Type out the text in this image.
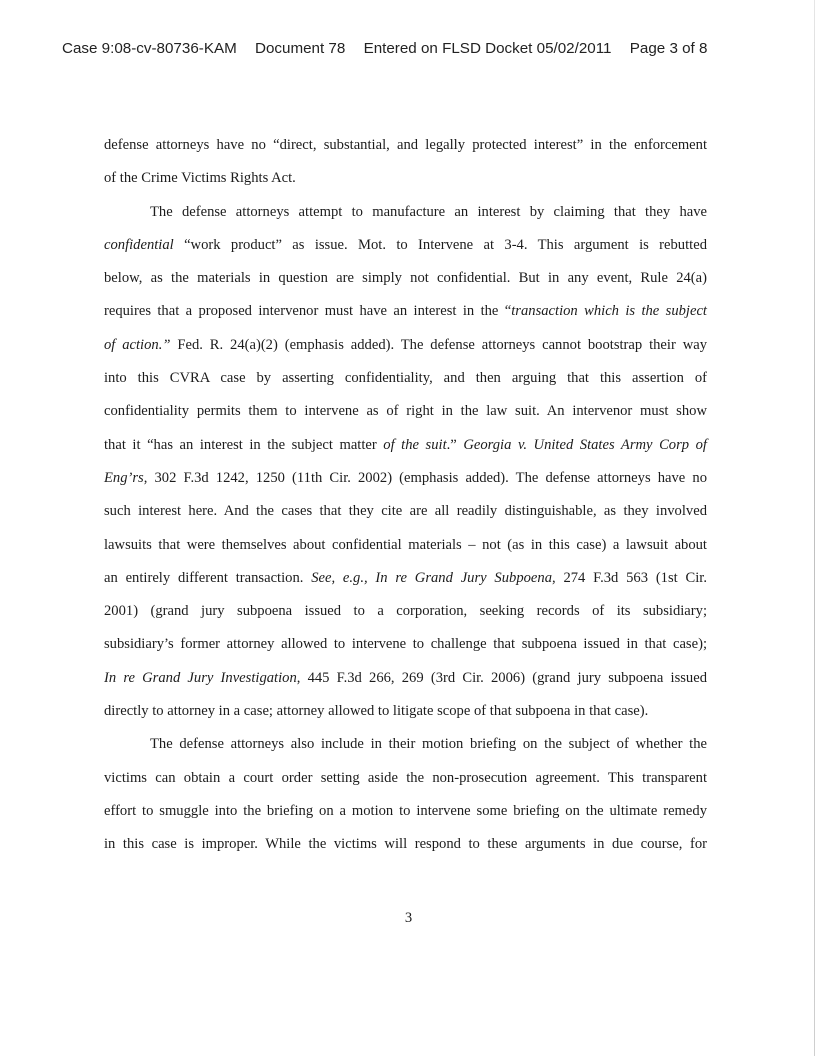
Case 9:08-cv-80736-KAM Document 78 Entered on FLSD Docket 05/02/2011 Page 3 of 8
defense attorneys have no “direct, substantial, and legally protected interest” in the enforcement
of the Crime Victims Rights Act.
The defense attorneys attempt to manufacture an interest by claiming that they have
confidential “work product” as issue. Mot. to Intervene at 3-4. This argument is rebutted
below, as the materials in question are simply not confidential. But in any event, Rule 24(a)
requires that a proposed intervenor must have an interest in the “transaction which is the subject
of action.” Fed. R. 24(a)(2) (emphasis added). The defense attorneys cannot bootstrap their way
into this CVRA case by asserting confidentiality, and then arguing that this assertion of
confidentiality permits them to intervene as of right in the law suit. An intervenor must show
that it “has an interest in the subject matter of the suit.” Georgia v. United States Army Corp of
Eng’rs, 302 F.3d 1242, 1250 (11th Cir. 2002) (emphasis added). The defense attorneys have no
such interest here. And the cases that they cite are all readily distinguishable, as they involved
lawsuits that were themselves about confidential materials – not (as in this case) a lawsuit about
an entirely different transaction. See, e.g., In re Grand Jury Subpoena, 274 F.3d 563 (1st Cir.
2001) (grand jury subpoena issued to a corporation, seeking records of its subsidiary;
subsidiary’s former attorney allowed to intervene to challenge that subpoena issued in that case);
In re Grand Jury Investigation, 445 F.3d 266, 269 (3rd Cir. 2006) (grand jury subpoena issued
directly to attorney in a case; attorney allowed to litigate scope of that subpoena in that case).
The defense attorneys also include in their motion briefing on the subject of whether the
victims can obtain a court order setting aside the non-prosecution agreement. This transparent
effort to smuggle into the briefing on a motion to intervene some briefing on the ultimate remedy
in this case is improper. While the victims will respond to these arguments in due course, for
3
